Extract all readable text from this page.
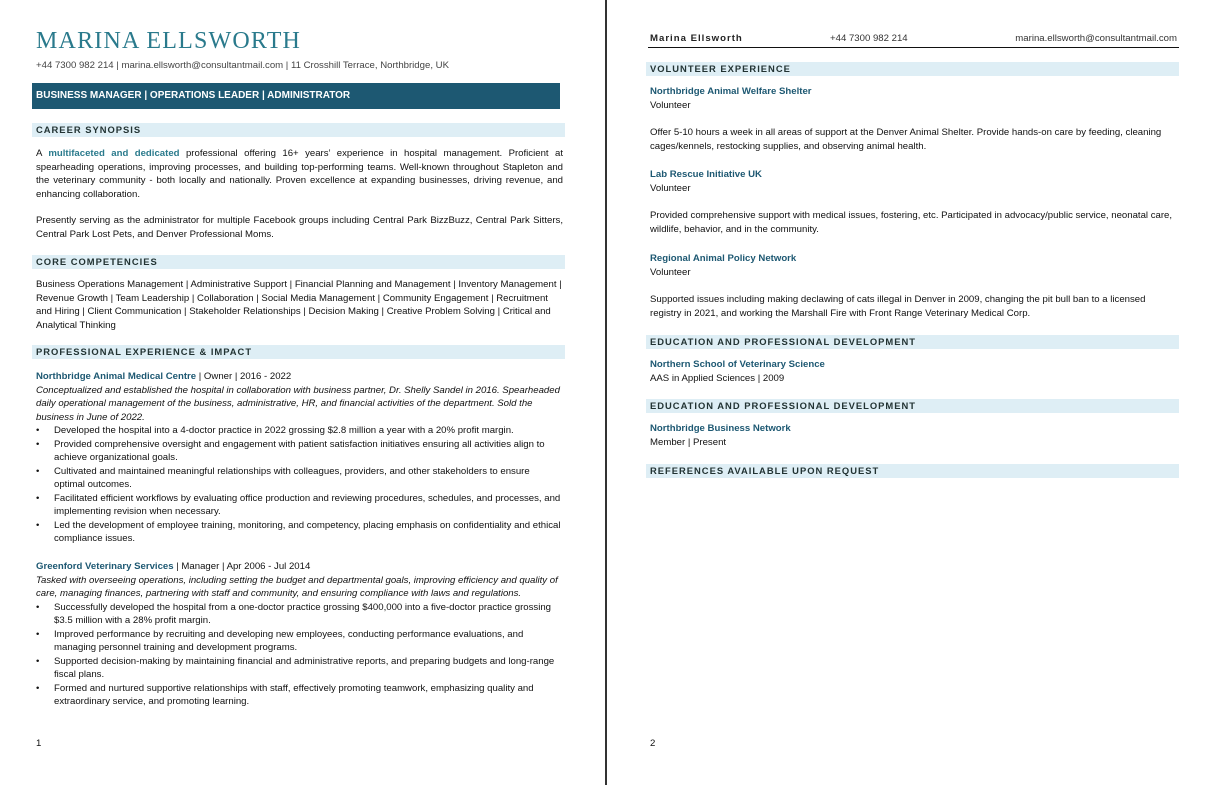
MARINA ELLSWORTH
+44 7300 982 214 | marina.ellsworth@consultantmail.com | 11 Crosshill Terrace, Northbridge, UK
BUSINESS MANAGER | OPERATIONS LEADER | ADMINISTRATOR
CAREER SYNOPSIS
A multifaceted and dedicated professional offering 16+ years’ experience in hospital management. Proficient at spearheading operations, improving processes, and building top-performing teams. Well-known throughout Stapleton and the veterinary community - both locally and nationally. Proven excellence at expanding businesses, driving revenue, and enhancing collaboration.
Presently serving as the administrator for multiple Facebook groups including Central Park BizzBuzz, Central Park Sitters, Central Park Lost Pets, and Denver Professional Moms.
CORE COMPETENCIES
Business Operations Management | Administrative Support | Financial Planning and Management | Inventory Management | Revenue Growth | Team Leadership | Collaboration | Social Media Management | Community Engagement | Recruitment and Hiring | Client Communication | Stakeholder Relationships | Decision Making | Creative Problem Solving | Critical and Analytical Thinking
PROFESSIONAL EXPERIENCE & IMPACT
Northbridge Animal Medical Centre | Owner | 2016 - 2022
Conceptualized and established the hospital in collaboration with business partner, Dr. Shelly Sandel in 2016. Spearheaded daily operational management of the business, administrative, HR, and financial activities of the department. Sold the business in June of 2022.
• Developed the hospital into a 4-doctor practice in 2022 grossing $2.8 million a year with a 20% profit margin.
• Provided comprehensive oversight and engagement with patient satisfaction initiatives ensuring all activities align to achieve organizational goals.
• Cultivated and maintained meaningful relationships with colleagues, providers, and other stakeholders to ensure optimal outcomes.
• Facilitated efficient workflows by evaluating office production and reviewing procedures, schedules, and processes, and implementing revision when necessary.
• Led the development of employee training, monitoring, and competency, placing emphasis on confidentiality and ethical compliance issues.
Greenford Veterinary Services | Manager | Apr 2006 - Jul 2014
Tasked with overseeing operations, including setting the budget and departmental goals, improving efficiency and quality of care, managing finances, partnering with staff and community, and ensuring compliance with laws and regulations.
• Successfully developed the hospital from a one-doctor practice grossing $400,000 into a five-doctor practice grossing $3.5 million with a 28% profit margin.
• Improved performance by recruiting and developing new employees, conducting performance evaluations, and managing personnel training and development programs.
• Supported decision-making by maintaining financial and administrative reports, and preparing budgets and long-range fiscal plans.
• Formed and nurtured supportive relationships with staff, effectively promoting teamwork, emphasizing quality and extraordinary service, and promoting learning.
1
Marina Ellsworth	+44 7300 982 214	marina.ellsworth@consultantmail.com
VOLUNTEER EXPERIENCE
Northbridge Animal Welfare Shelter
Volunteer
Offer 5-10 hours a week in all areas of support at the Denver Animal Shelter. Provide hands-on care by feeding, cleaning cages/kennels, restocking supplies, and observing animal health.
Lab Rescue Initiative UK
Volunteer
Provided comprehensive support with medical issues, fostering, etc. Participated in advocacy/public service, neonatal care, wildlife, behavior, and in the community.
Regional Animal Policy Network
Volunteer
Supported issues including making declawing of cats illegal in Denver in 2009, changing the pit bull ban to a licensed registry in 2021, and working the Marshall Fire with Front Range Veterinary Medical Corp.
EDUCATION AND PROFESSIONAL DEVELOPMENT
Northern School of Veterinary Science
AAS in Applied Sciences | 2009
EDUCATION AND PROFESSIONAL DEVELOPMENT
Northbridge Business Network
Member | Present
REFERENCES AVAILABLE UPON REQUEST
2
